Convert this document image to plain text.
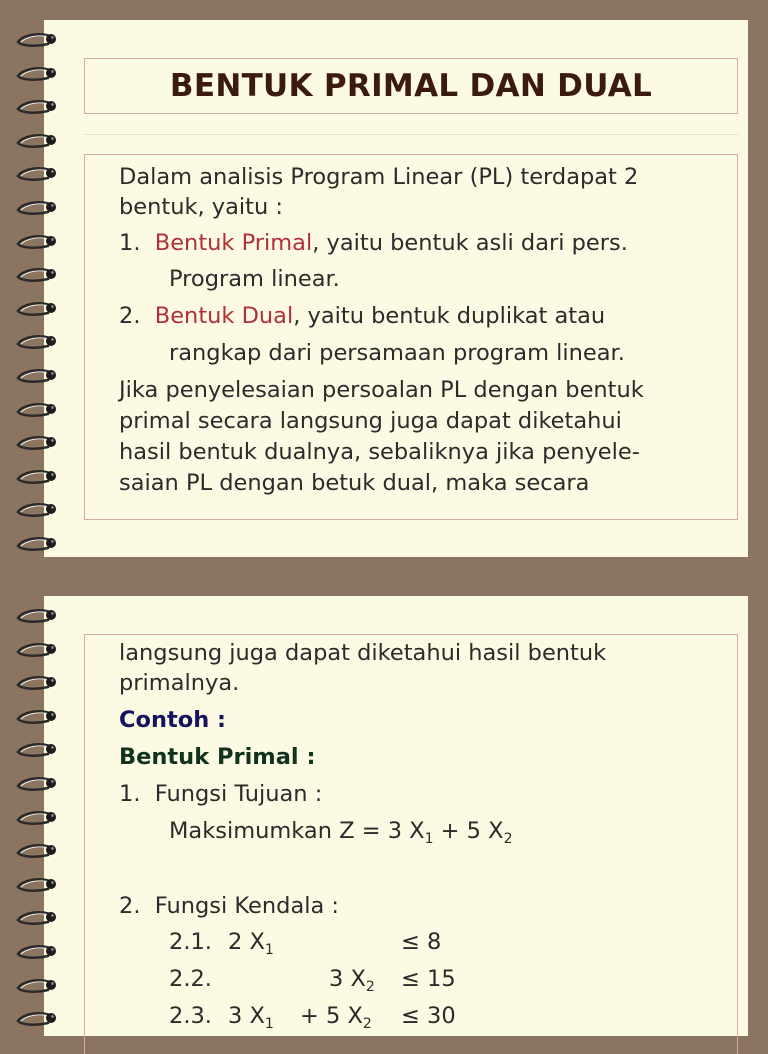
BENTUK PRIMAL DAN DUAL
Dalam analisis Program Linear (PL) terdapat 2
bentuk, yaitu :
1. Bentuk Primal, yaitu bentuk asli dari pers.
Program linear.
2. Bentuk Dual, yaitu bentuk duplikat atau
rangkap dari persamaan program linear.
Jika penyelesaian persoalan PL dengan bentuk
primal secara langsung juga dapat diketahui
hasil bentuk dualnya, sebaliknya jika penyele-
saian PL dengan betuk dual, maka secara
langsung juga dapat diketahui hasil bentuk
primalnya.
Contoh :
Bentuk Primal :
1. Fungsi Tujuan :
Maksimumkan Z = 3 $X_1 + 5$ $X_2$
2. Fungsi Kendala :
2.1. 2 $X_1$	≤ 8
2.2.	3 $X_2 \le 15$
2.3. 3 $X_1 + 5$ $X_2 \le 30$
